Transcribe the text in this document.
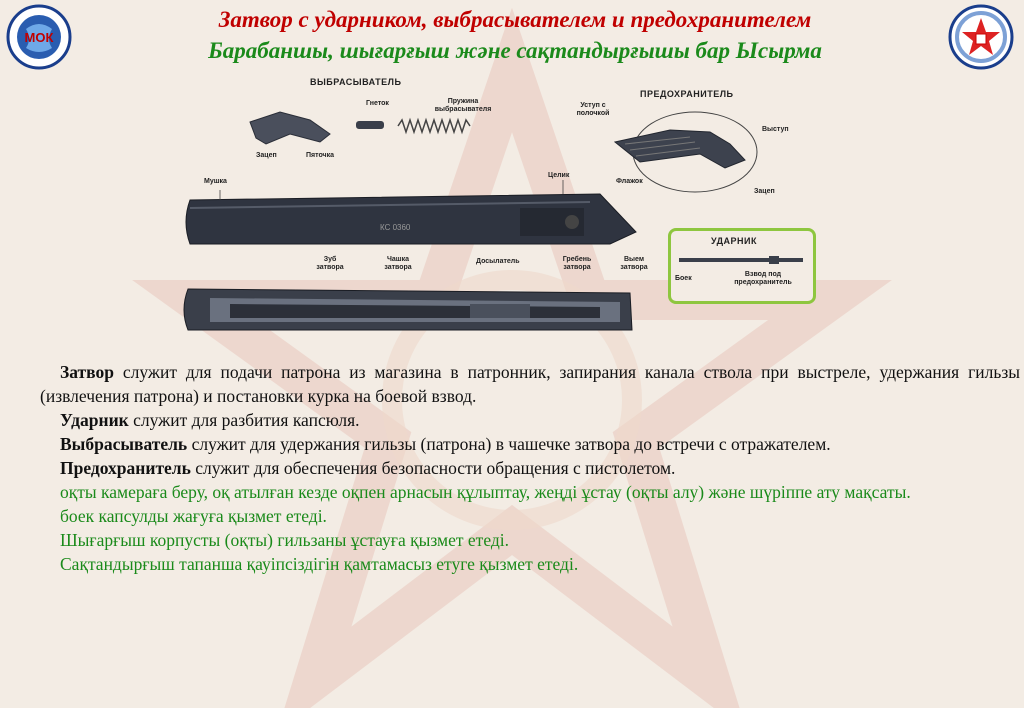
МОК
Затвор с ударником, выбрасывателем и предохранителем
Барабаншы, шығарғыш және сақтандырғышы бар Ысырма
КС 0360
ВЫБРАСЫВАТЕЛЬ
ПРЕДОХРАНИТЕЛЬ
Гнеток	Пружина выбрасывателя
Зацеп	Пяточка
Уступ с полочкой
Выступ
Флажок
Зацеп
Мушка
Целик
Зуб затвора
Чашка затвора
Досылатель	Гребень затвора
Выем затвора
УДАРНИК
Боек
Взвод под предохранитель

Затвор служит для подачи патрона из магазина в патронник, запирания канала ствола при выстреле, удержания гильзы (извлечения патрона) и постановки курка на боевой взвод.

Ударник служит для разбития капсюля.

Выбрасыватель служит для удержания гильзы (патрона) в чашечке затвора до встречи с отражателем.

Предохранитель служит для обеспечения безопасности обращения с пистолетом.

оқты камераға беру, оқ атылған кезде оқпен арнасын құлыптау, жеңді ұстау (оқты алу) және шүріппе ату мақсаты.

боек капсулды жағуға қызмет етеді.

Шығарғыш корпусты (оқты) гильзаны ұстауға қызмет етеді.

Сақтандырғыш тапанша қауіпсіздігін қамтамасыз етуге қызмет етеді.
